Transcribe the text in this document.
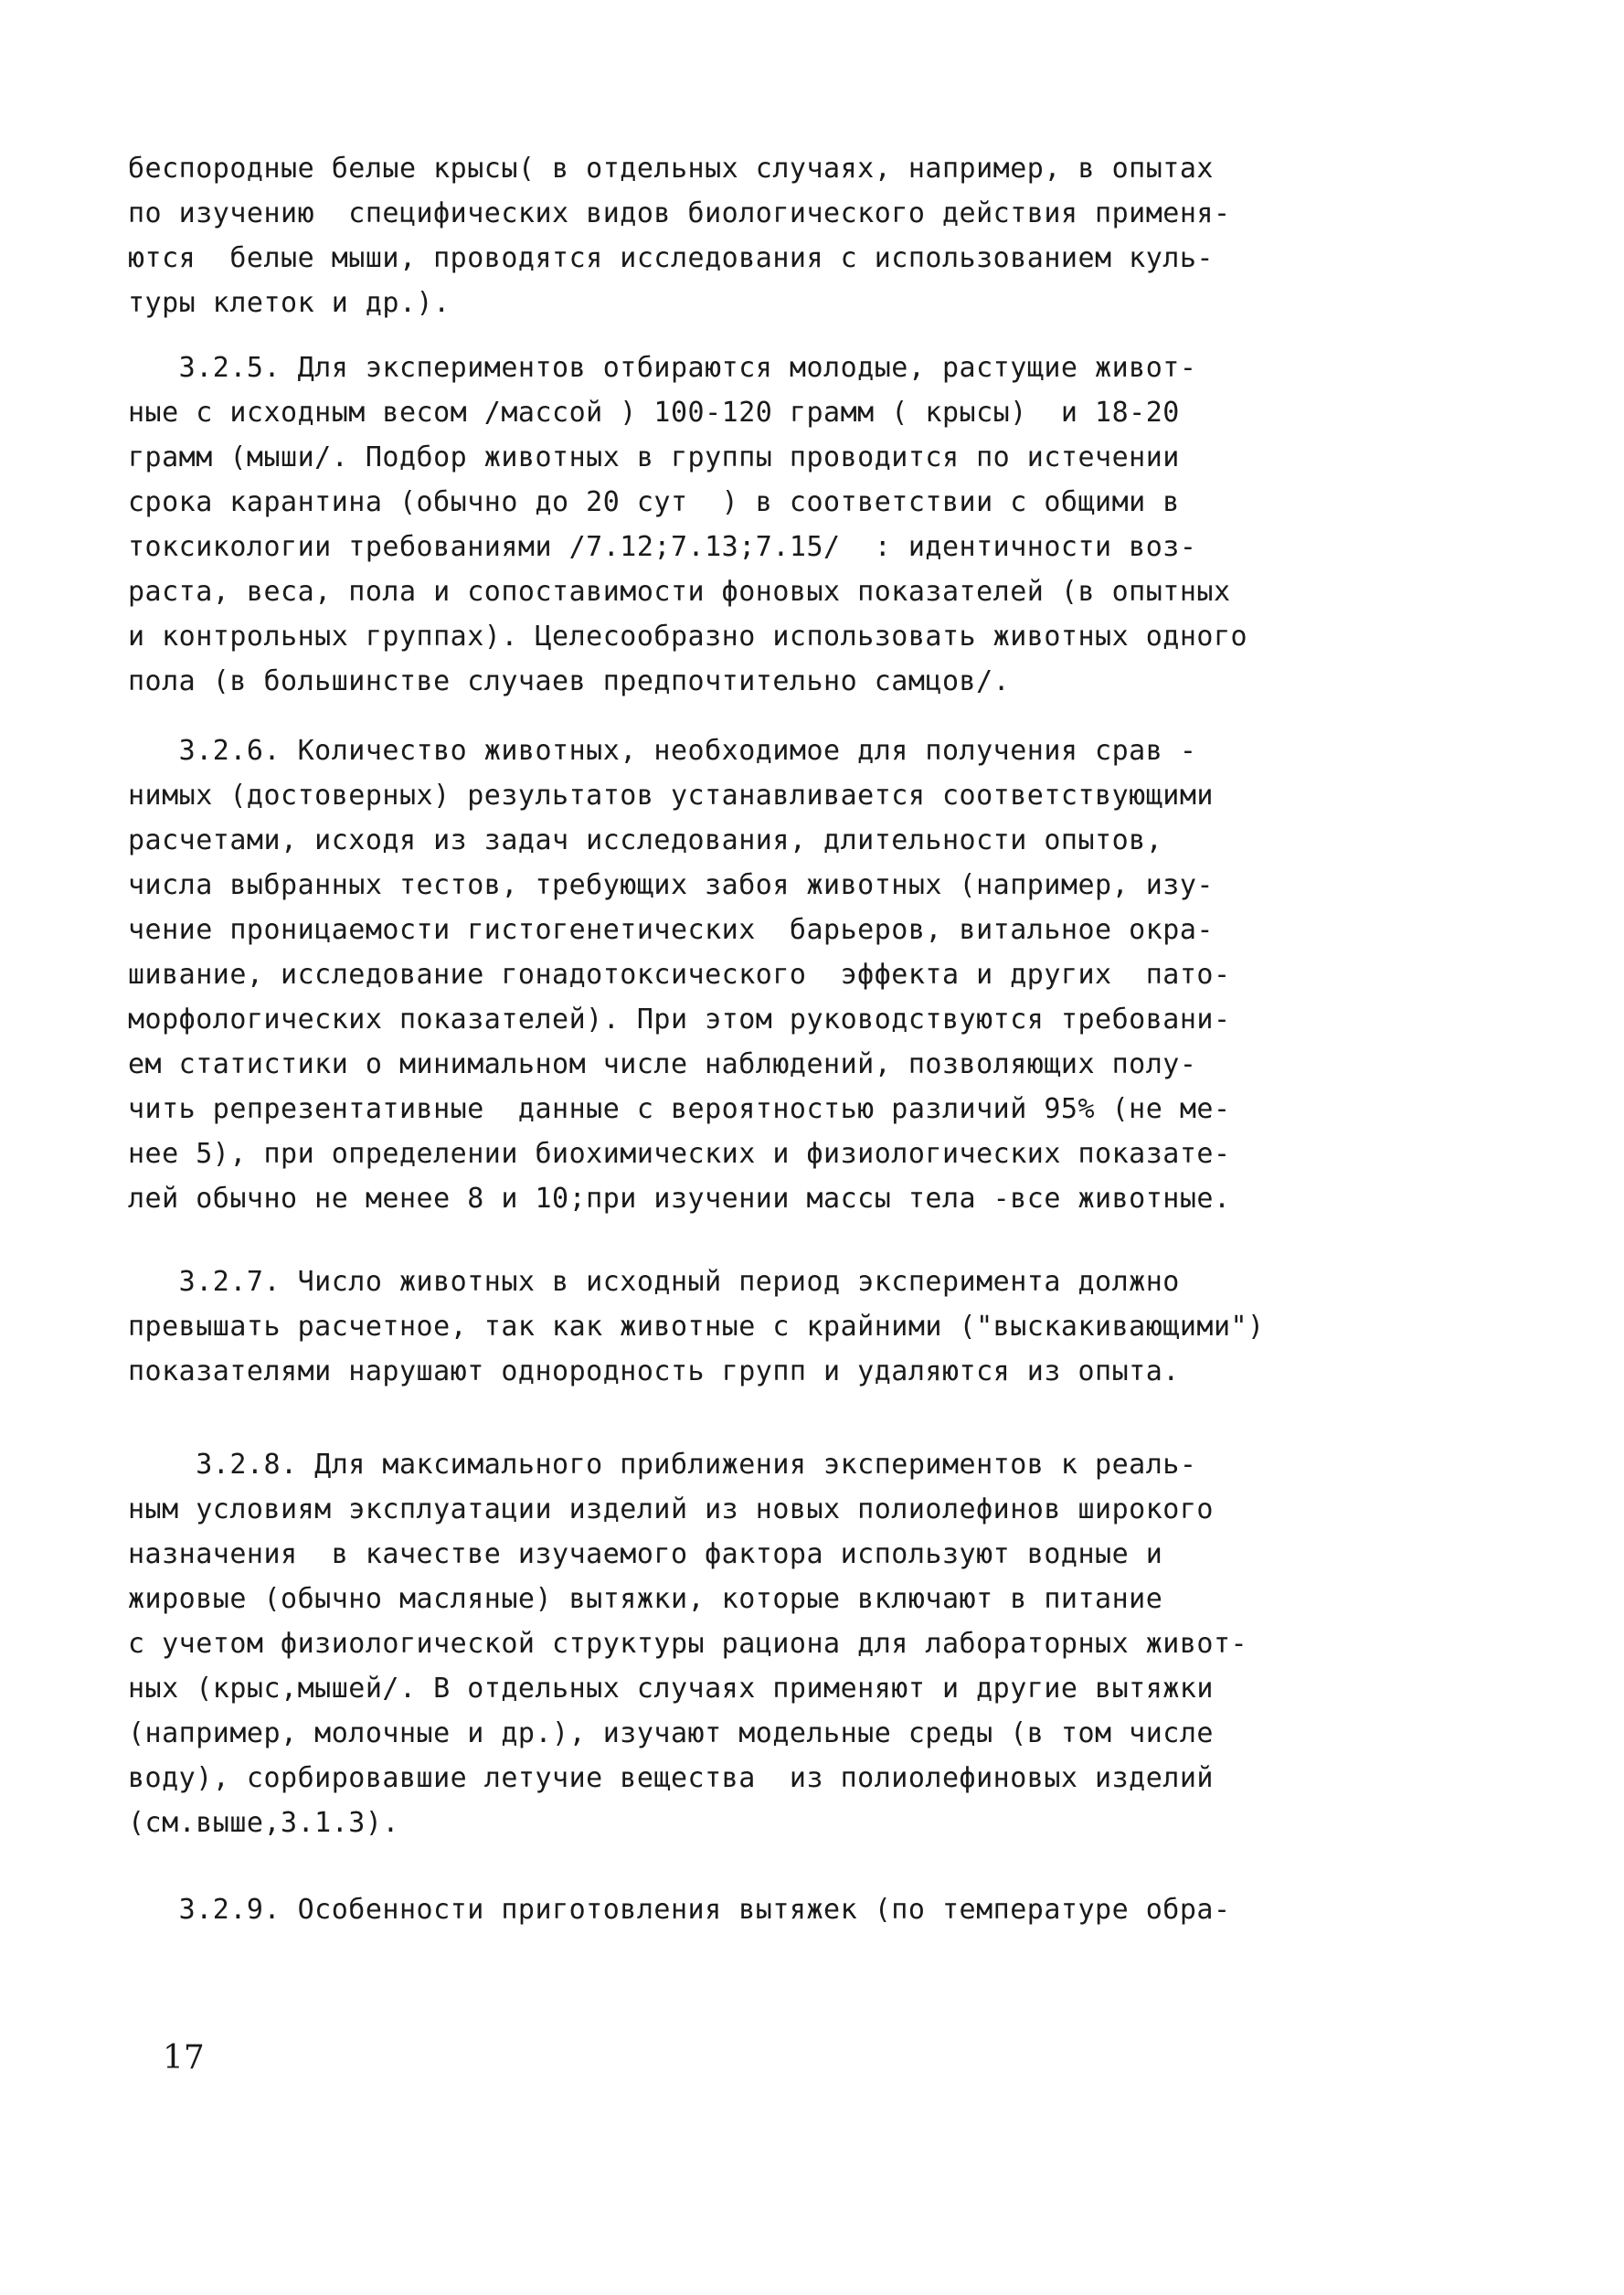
беспородные белые крысы( в отдельных случаях, например, в опытах
по изучению  специфических видов биологического действия применя-
ются  белые мыши, проводятся исследования с использованием куль-
туры клеток и др.).
3.2.5. Для экспериментов отбираются молодые, растущие живот-
ные с исходным весом /массой ) 100-120 грамм ( крысы)  и 18-20
грамм (мыши/. Подбор животных в группы проводится по истечении
срока карантина (обычно до 20 сут  ) в соответствии с общими в
токсикологии требованиями /7.12;7.13;7.15/  : идентичности воз-
раста, веса, пола и сопоставимости фоновых показателей (в опытных
и контрольных группах). Целесообразно использовать животных одного
пола (в большинстве случаев предпочтительно самцов/.
3.2.6. Количество животных, необходимое для получения срав -
нимых (достоверных) результатов устанавливается соответствующими
расчетами, исходя из задач исследования, длительности опытов,
числа выбранных тестов, требующих забоя животных (например, изу-
чение проницаемости гистогенетических  барьеров, витальное окра-
шивание, исследование гонадотоксического  эффекта и других  пато-
морфологических показателей). При этом руководствуются требовани-
ем статистики о минимальном числе наблюдений, позволяющих полу-
чить репрезентативные  данные с вероятностью различий 95% (не ме-
нее 5), при определении биохимических и физиологических показате-
лей обычно не менее 8 и 10;при изучении массы тела -все животные.
3.2.7. Число животных в исходный период эксперимента должно
превышать расчетное, так как животные с крайними ("выскакивающими")
показателями нарушают однородность групп и удаляются из опыта.
3.2.8. Для максимального приближения экспериментов к реаль-
ным условиям эксплуатации изделий из новых полиолефинов широкого
назначения  в качестве изучаемого фактора используют водные и
жировые (обычно масляные) вытяжки, которые включают в питание
с учетом физиологической структуры рациона для лабораторных живот-
ных (крыс,мышей/. В отдельных случаях применяют и другие вытяжки
(например, молочные и др.), изучают модельные среды (в том числе
воду), сорбировавшие летучие вещества  из полиолефиновых изделий
(см.выше,3.1.3).
3.2.9. Особенности приготовления вытяжек (по температуре обра-
17
